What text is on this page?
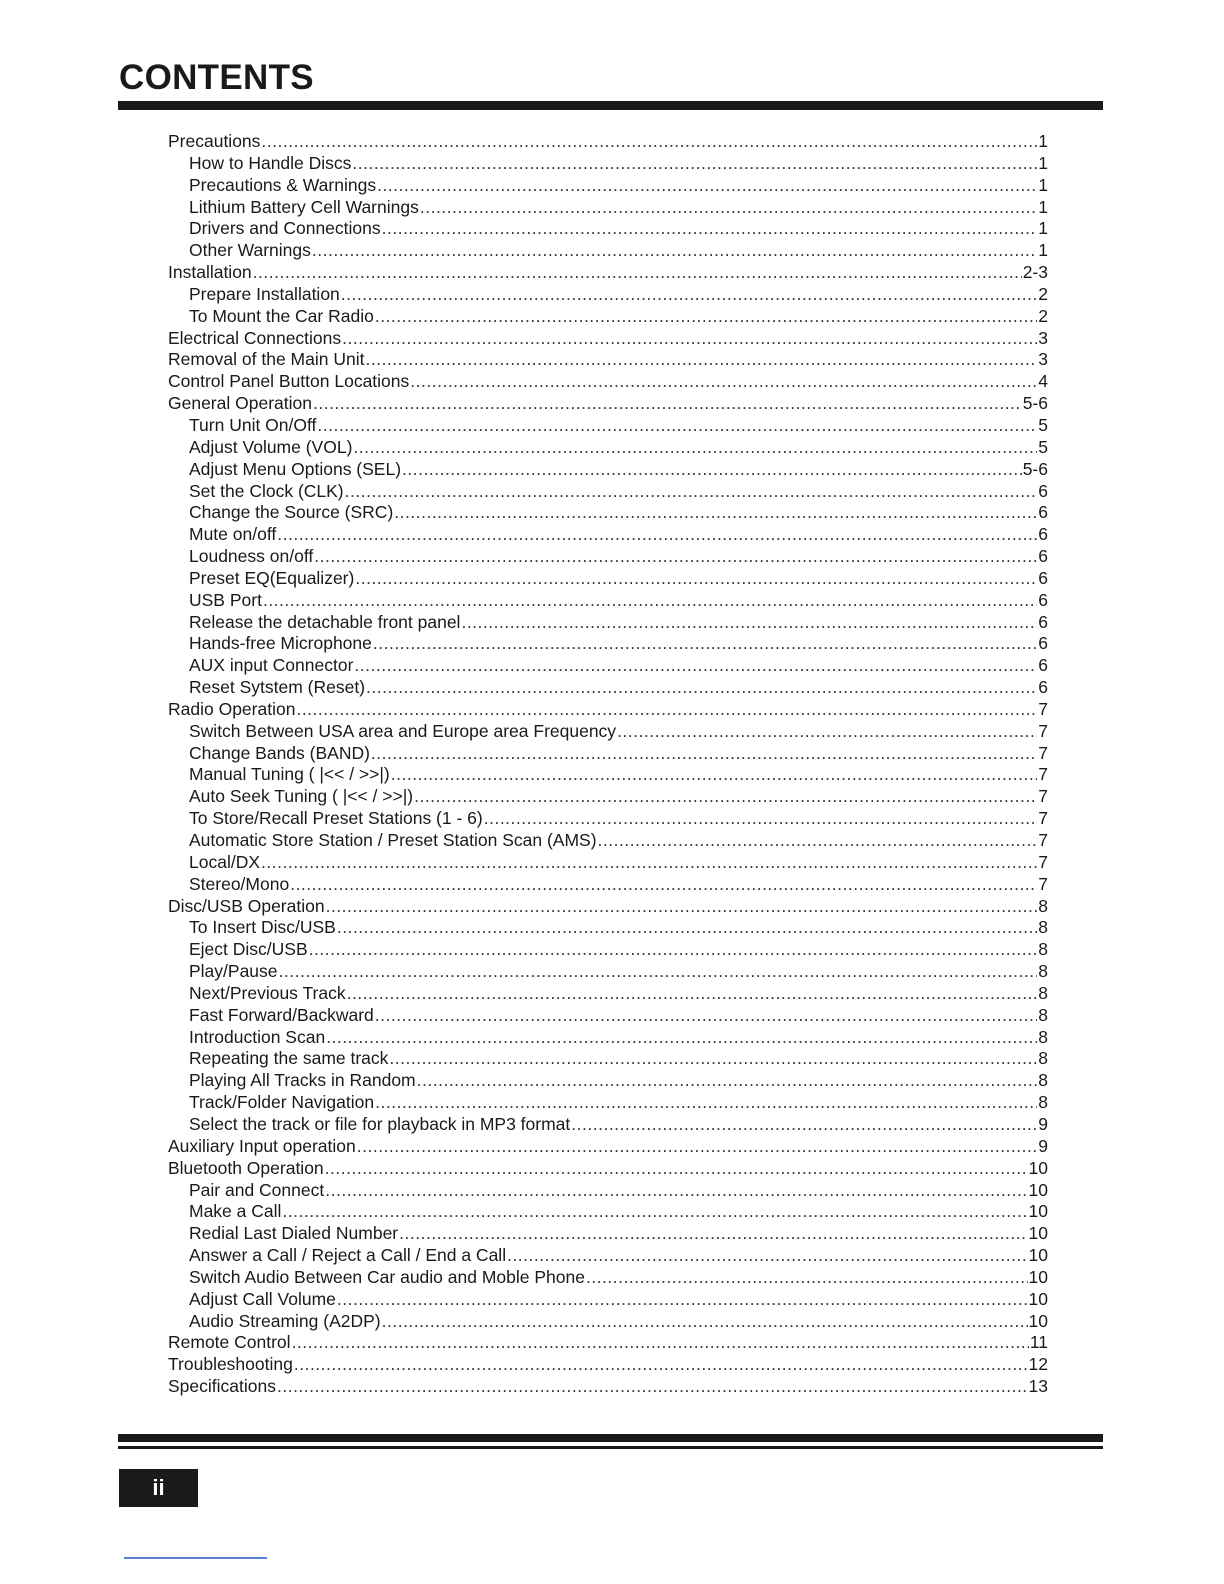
CONTENTS
Precautions .....	1
How to Handle Discs .....	1
Precautions & Warnings .....	1
Lithium Battery Cell Warnings .....	1
Drivers and Connections .....	1
Other Warnings .....	1
Installation .....	2-3
Prepare Installation .....	2
To Mount the Car Radio .....	2
Electrical Connections .....	3
Removal of the Main Unit .....	3
Control Panel Button Locations .....	4
General Operation .....	5-6
Turn Unit On/Off .....	5
Adjust Volume (VOL) .....	5
Adjust Menu Options (SEL) .....	5-6
Set the Clock (CLK) .....	6
Change the Source (SRC) .....	6
Mute on/off .....	6
Loudness on/off .....	6
Preset EQ(Equalizer) .....	6
USB Port .....	6
Release the detachable front panel .....	6
Hands-free Microphone .....	6
AUX input Connector .....	6
Reset Sytstem (Reset) .....	6
Radio Operation .....	7
Switch Between USA area and Europe area Frequency .....	7
Change Bands (BAND) .....	7
Manual Tuning ( |<< / >>|) .....	7
Auto Seek Tuning ( |<< / >>|) .....	7
To Store/Recall Preset Stations (1 - 6) .....	7
Automatic Store Station / Preset Station Scan (AMS) .....	7
Local/DX .....	7
Stereo/Mono .....	7
Disc/USB Operation .....	8
To Insert Disc/USB .....	8
Eject Disc/USB .....	8
Play/Pause .....	8
Next/Previous Track .....	8
Fast Forward/Backward .....	8
Introduction Scan .....	8
Repeating the same track .....	8
Playing All Tracks in Random .....	8
Track/Folder Navigation .....	8
Select the track or file for playback in MP3 format .....	9
Auxiliary Input operation .....	9
Bluetooth Operation .....	10
Pair and Connect .....	10
Make a Call .....	10
Redial Last Dialed Number .....	10
Answer a Call / Reject a Call / End a Call .....	10
Switch Audio Between Car audio and Moble Phone .....	10
Adjust Call Volume .....	10
Audio Streaming (A2DP) .....	10
Remote Control .....	11
Troubleshooting .....	12
Specifications .....	13
ii
